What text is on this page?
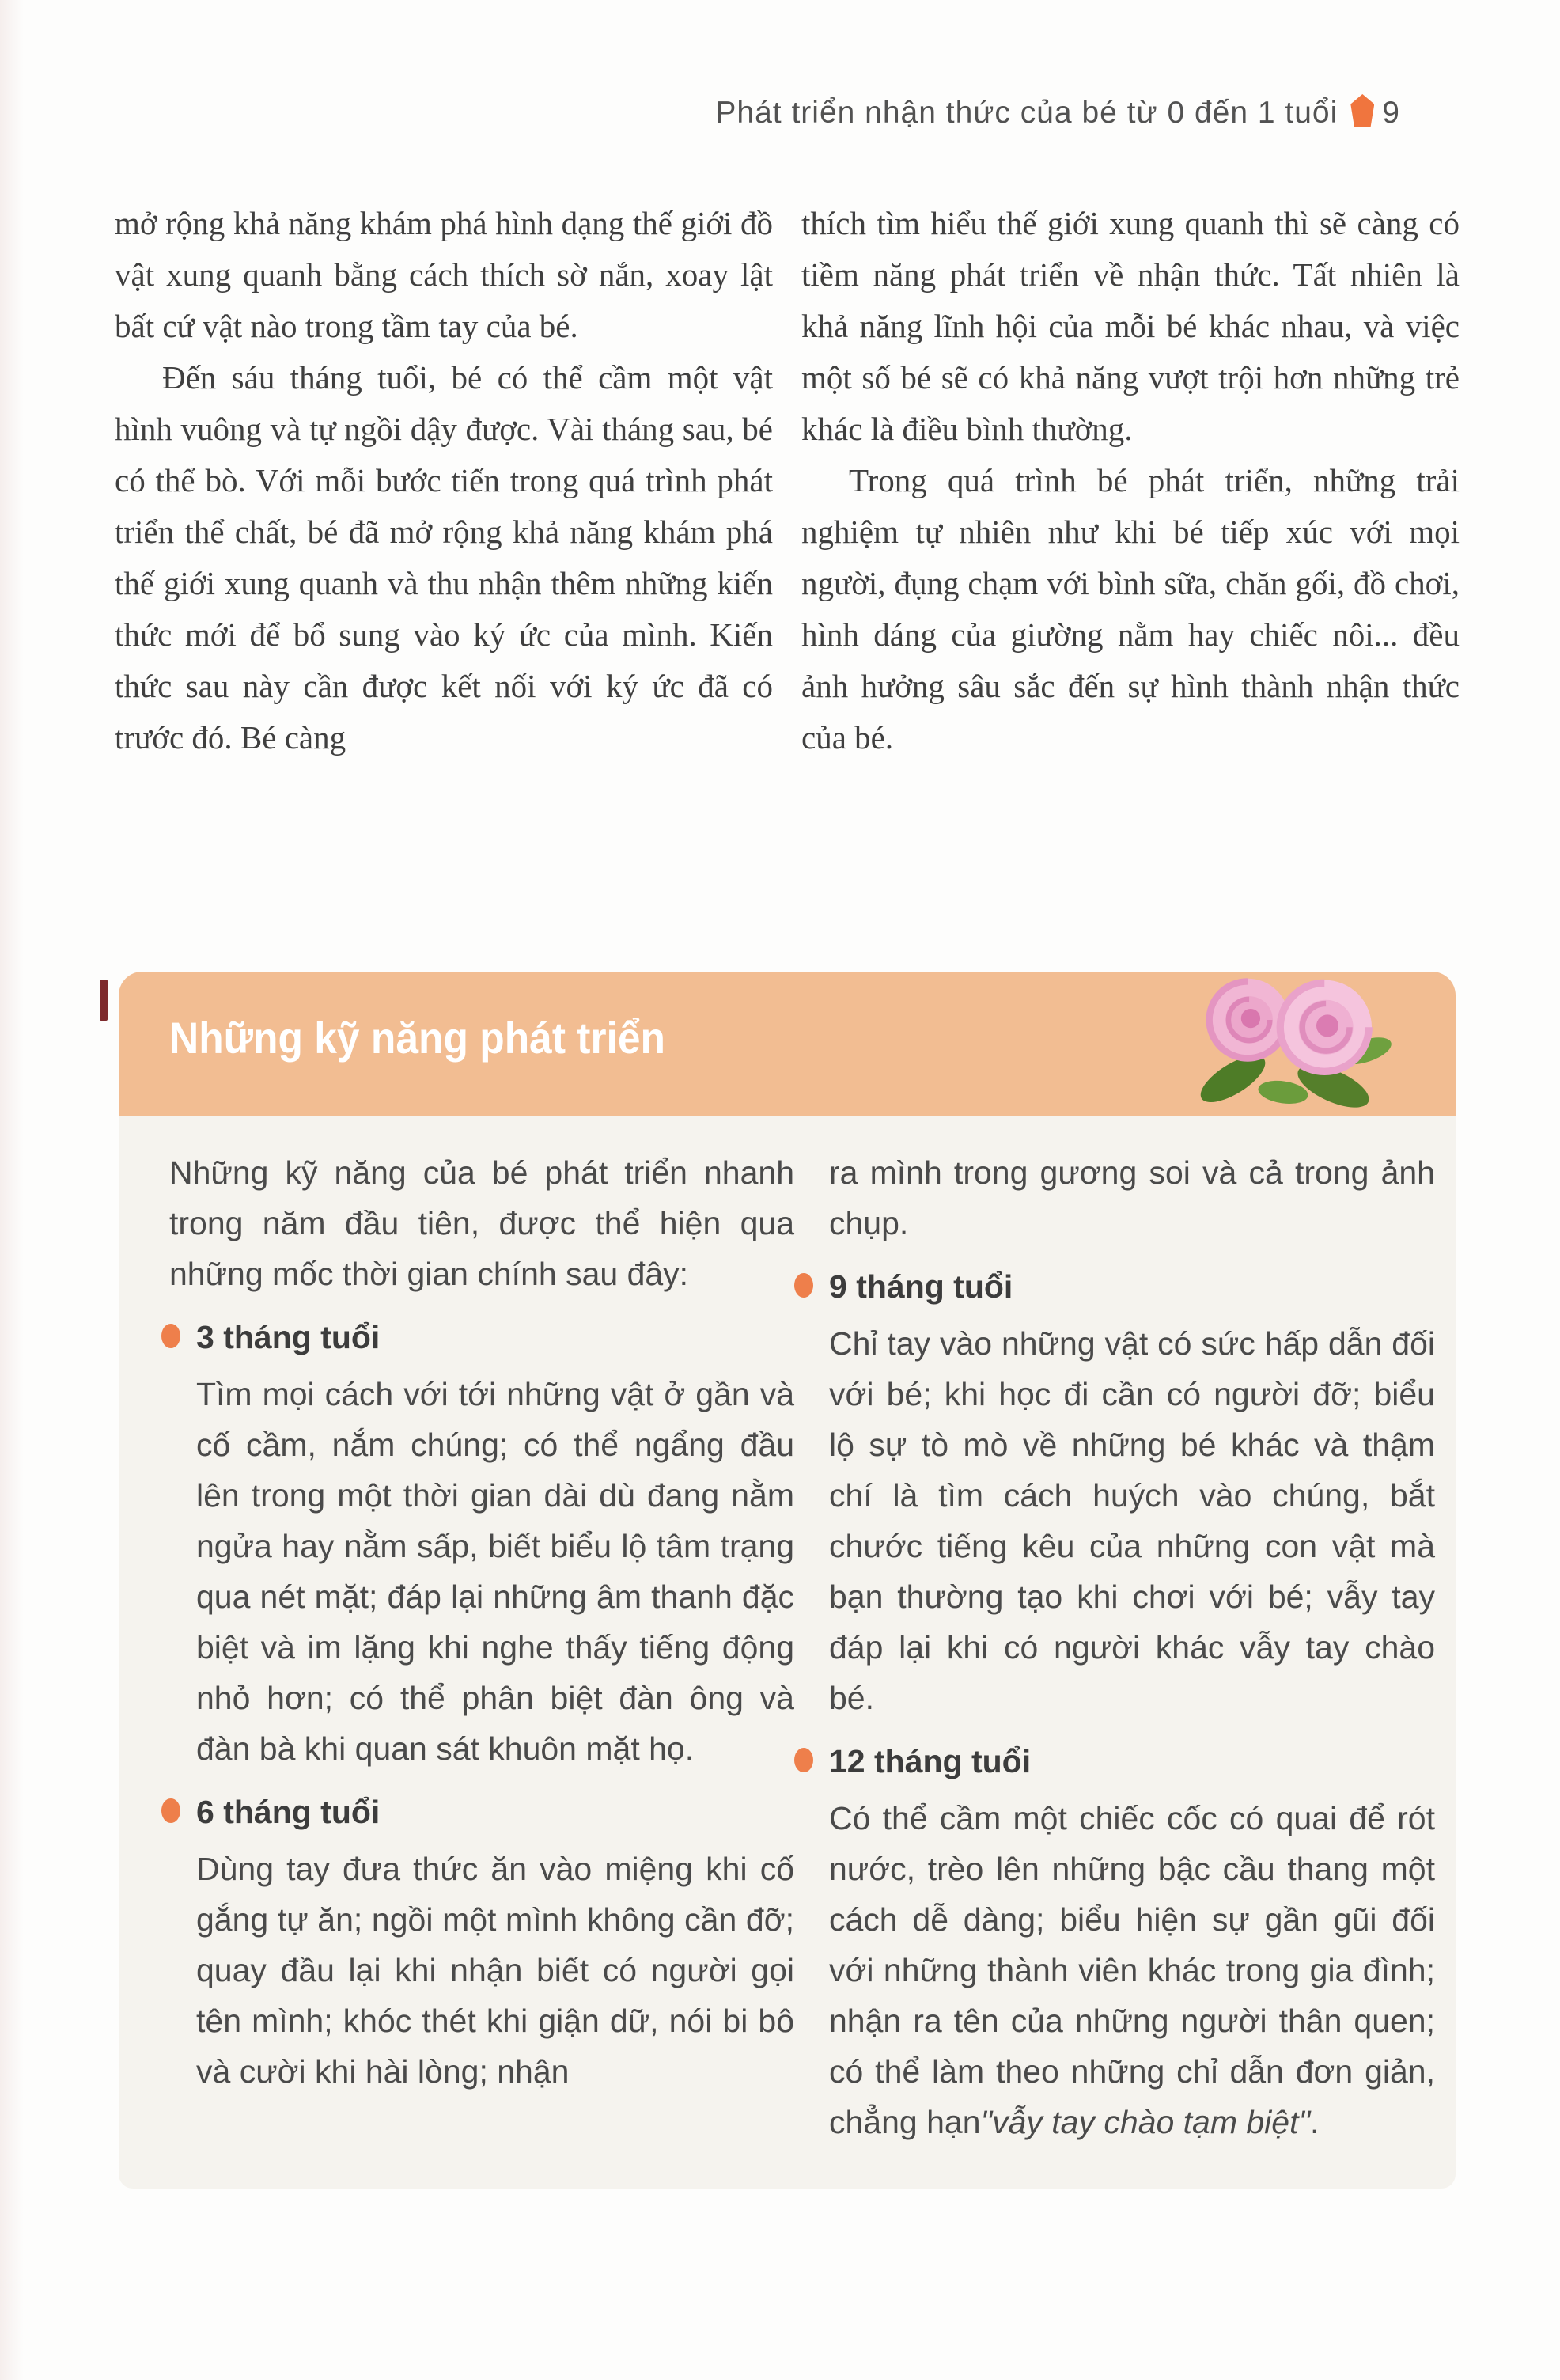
Phát triển nhận thức của bé từ 0 đến 1 tuổi 9

mở rộng khả năng khám phá hình dạng thế giới đồ vật xung quanh bằng cách thích sờ nắn, xoay lật bất cứ vật nào trong tầm tay của bé.

Đến sáu tháng tuổi, bé có thể cầm một vật hình vuông và tự ngồi dậy được. Vài tháng sau, bé có thể bò. Với mỗi bước tiến trong quá trình phát triển thể chất, bé đã mở rộng khả năng khám phá thế giới xung quanh và thu nhận thêm những kiến thức mới để bổ sung vào ký ức của mình. Kiến thức sau này cần được kết nối với ký ức đã có trước đó. Bé càng

thích tìm hiểu thế giới xung quanh thì sẽ càng có tiềm năng phát triển về nhận thức. Tất nhiên là khả năng lĩnh hội của mỗi bé khác nhau, và việc một số bé sẽ có khả năng vượt trội hơn những trẻ khác là điều bình thường.

Trong quá trình bé phát triển, những trải nghiệm tự nhiên như khi bé tiếp xúc với mọi người, đụng chạm với bình sữa, chăn gối, đồ chơi, hình dáng của giường nằm hay chiếc nôi... đều ảnh hưởng sâu sắc đến sự hình thành nhận thức của bé.

Những kỹ năng phát triển

Những kỹ năng của bé phát triển nhanh trong năm đầu tiên, được thể hiện qua những mốc thời gian chính sau đây:

3 tháng tuổi

Tìm mọi cách với tới những vật ở gần và cố cầm, nắm chúng; có thể ngẩng đầu lên trong một thời gian dài dù đang nằm ngửa hay nằm sấp, biết biểu lộ tâm trạng qua nét mặt; đáp lại những âm thanh đặc biệt và im lặng khi nghe thấy tiếng động nhỏ hơn; có thể phân biệt đàn ông và đàn bà khi quan sát khuôn mặt họ.

6 tháng tuổi

Dùng tay đưa thức ăn vào miệng khi cố gắng tự ăn; ngồi một mình không cần đỡ; quay đầu lại khi nhận biết có người gọi tên mình; khóc thét khi giận dữ, nói bi bô và cười khi hài lòng; nhận

ra mình trong gương soi và cả trong ảnh chụp.

9 tháng tuổi

Chỉ tay vào những vật có sức hấp dẫn đối với bé; khi học đi cần có người đỡ; biểu lộ sự tò mò về những bé khác và thậm chí là tìm cách huých vào chúng, bắt chước tiếng kêu của những con vật mà bạn thường tạo khi chơi với bé; vẫy tay đáp lại khi có người khác vẫy tay chào bé.

12 tháng tuổi

Có thể cầm một chiếc cốc có quai để rót nước, trèo lên những bậc cầu thang một cách dễ dàng; biểu hiện sự gần gũi đối với những thành viên khác trong gia đình; nhận ra tên của những người thân quen; có thể làm theo những chỉ dẫn đơn giản, chẳng hạn"vẫy tay chào tạm biệt".
